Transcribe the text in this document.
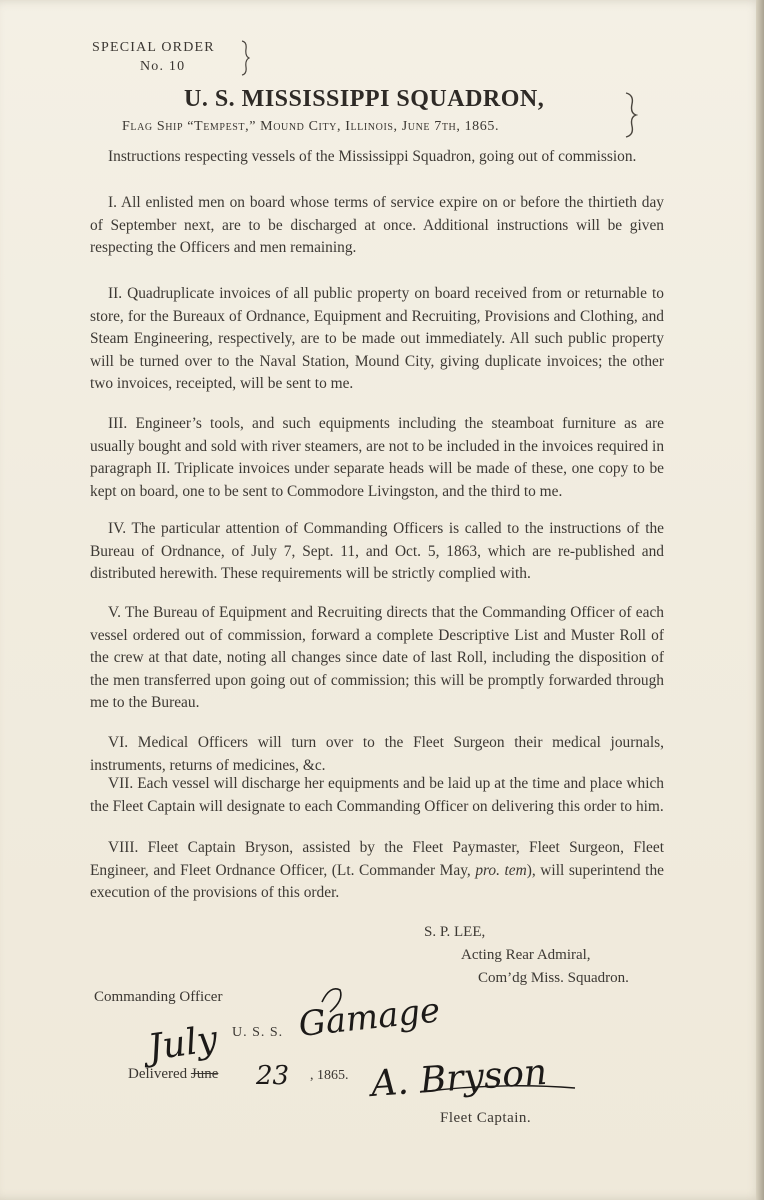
SPECIAL ORDER
No. 10
U. S. MISSISSIPPI SQUADRON,
Flag Ship “Tempest,” Mound City, Illinois, June 7th, 1865.

Instructions respecting vessels of the Mississippi Squadron, going out of commission.

I. All enlisted men on board whose terms of service expire on or before the thirtieth day of September next, are to be discharged at once. Additional instructions will be given respecting the Officers and men remaining.

II. Quadruplicate invoices of all public property on board received from or returnable to store, for the Bureaux of Ordnance, Equipment and Recruiting, Provisions and Clothing, and Steam Engineering, respectively, are to be made out immediately. All such public property will be turned over to the Naval Station, Mound City, giving duplicate invoices; the other two invoices, receipted, will be sent to me.

III. Engineer’s tools, and such equipments including the steamboat furniture as are usually bought and sold with river steamers, are not to be included in the invoices required in paragraph II. Triplicate invoices under separate heads will be made of these, one copy to be kept on board, one to be sent to Commodore Livingston, and the third to me.

IV. The particular attention of Commanding Officers is called to the instructions of the Bureau of Ordnance, of July 7, Sept. 11, and Oct. 5, 1863, which are re-published and distributed herewith. These requirements will be strictly complied with.

V. The Bureau of Equipment and Recruiting directs that the Commanding Officer of each vessel ordered out of commission, forward a complete Descriptive List and Muster Roll of the crew at that date, noting all changes since date of last Roll, including the disposition of the men transferred upon going out of commission; this will be promptly forwarded through me to the Bureau.

VI. Medical Officers will turn over to the Fleet Surgeon their medical journals, instruments, returns of medicines, &c.

VII. Each vessel will discharge her equipments and be laid up at the time and place which the Fleet Captain will designate to each Commanding Officer on delivering this order to him.

VIII. Fleet Captain Bryson, assisted by the Fleet Paymaster, Fleet Surgeon, Fleet Engineer, and Fleet Ordnance Officer, (Lt. Commander May, pro. tem), will superintend the execution of the provisions of this order.

S. P. LEE,
Acting Rear Admiral,
Com’dg Miss. Squadron.
Commanding Officer
U. S. S.
Delivered June	, 1865.
Fleet Captain.
Gamage
July
23 A. Bryson
